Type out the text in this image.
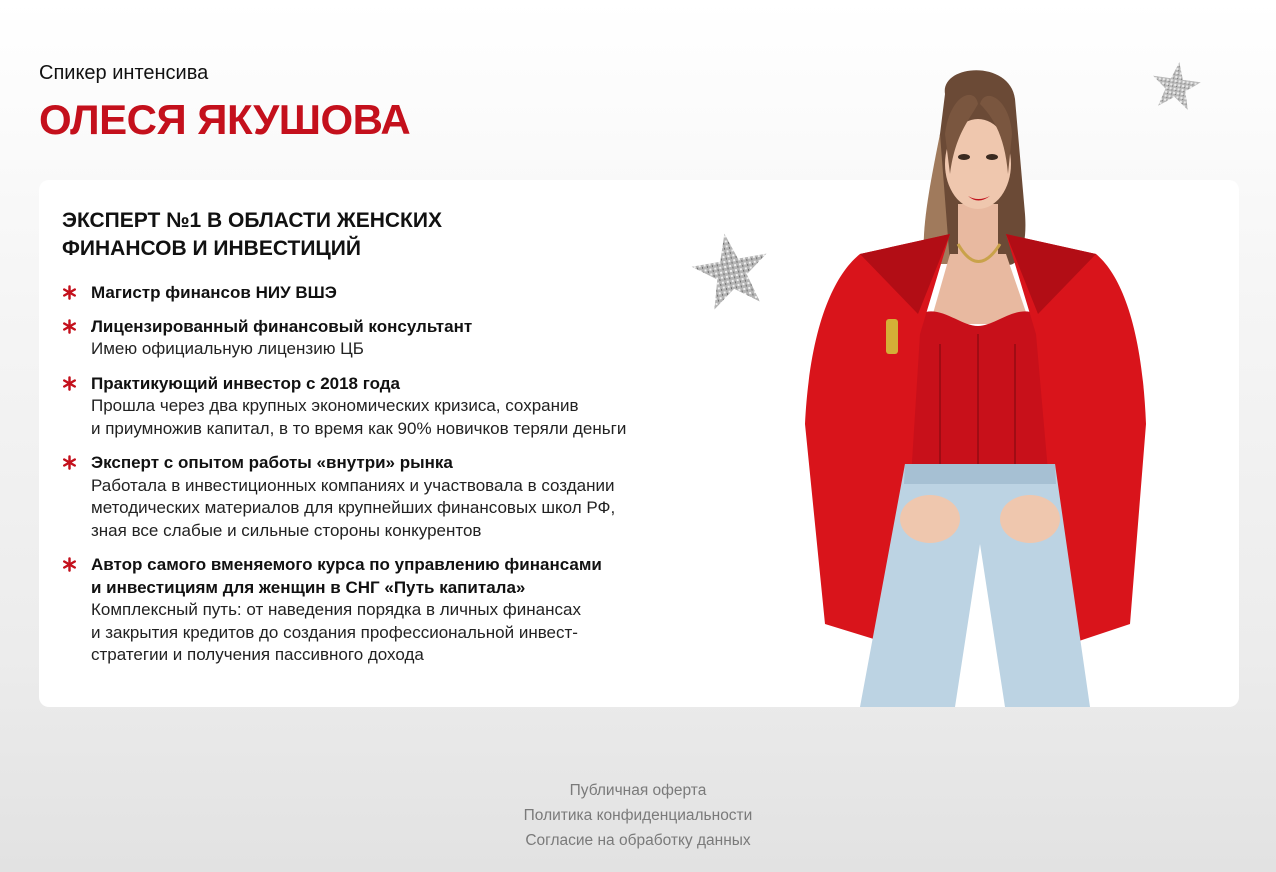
Спикер интенсива
ОЛЕСЯ ЯКУШОВА
ЭКСПЕРТ №1 В ОБЛАСТИ ЖЕНСКИХ
ФИНАНСОВ И ИНВЕСТИЦИЙ
Магистр финансов НИУ ВШЭ
Лицензированный финансовый консультант
Имею официальную лицензию ЦБ
Практикующий инвестор с 2018 года
Прошла через два крупных экономических кризиса, сохранив
и приумножив капитал, в то время как 90% новичков теряли деньги
Эксперт с опытом работы «внутри» рынка
Работала в инвестиционных компаниях и участвовала в создании
методических материалов для крупнейших финансовых школ РФ,
зная все слабые и сильные стороны конкурентов
Автор самого вменяемого курса по управлению финансами
и инвестициям для женщин в СНГ «Путь капитала»
Комплексный путь: от наведения порядка в личных финансах
и закрытия кредитов до создания профессиональной инвест-
стратегии и получения пассивного дохода
Публичная оферта
Политика конфиденциальности
Согласие на обработку данных
